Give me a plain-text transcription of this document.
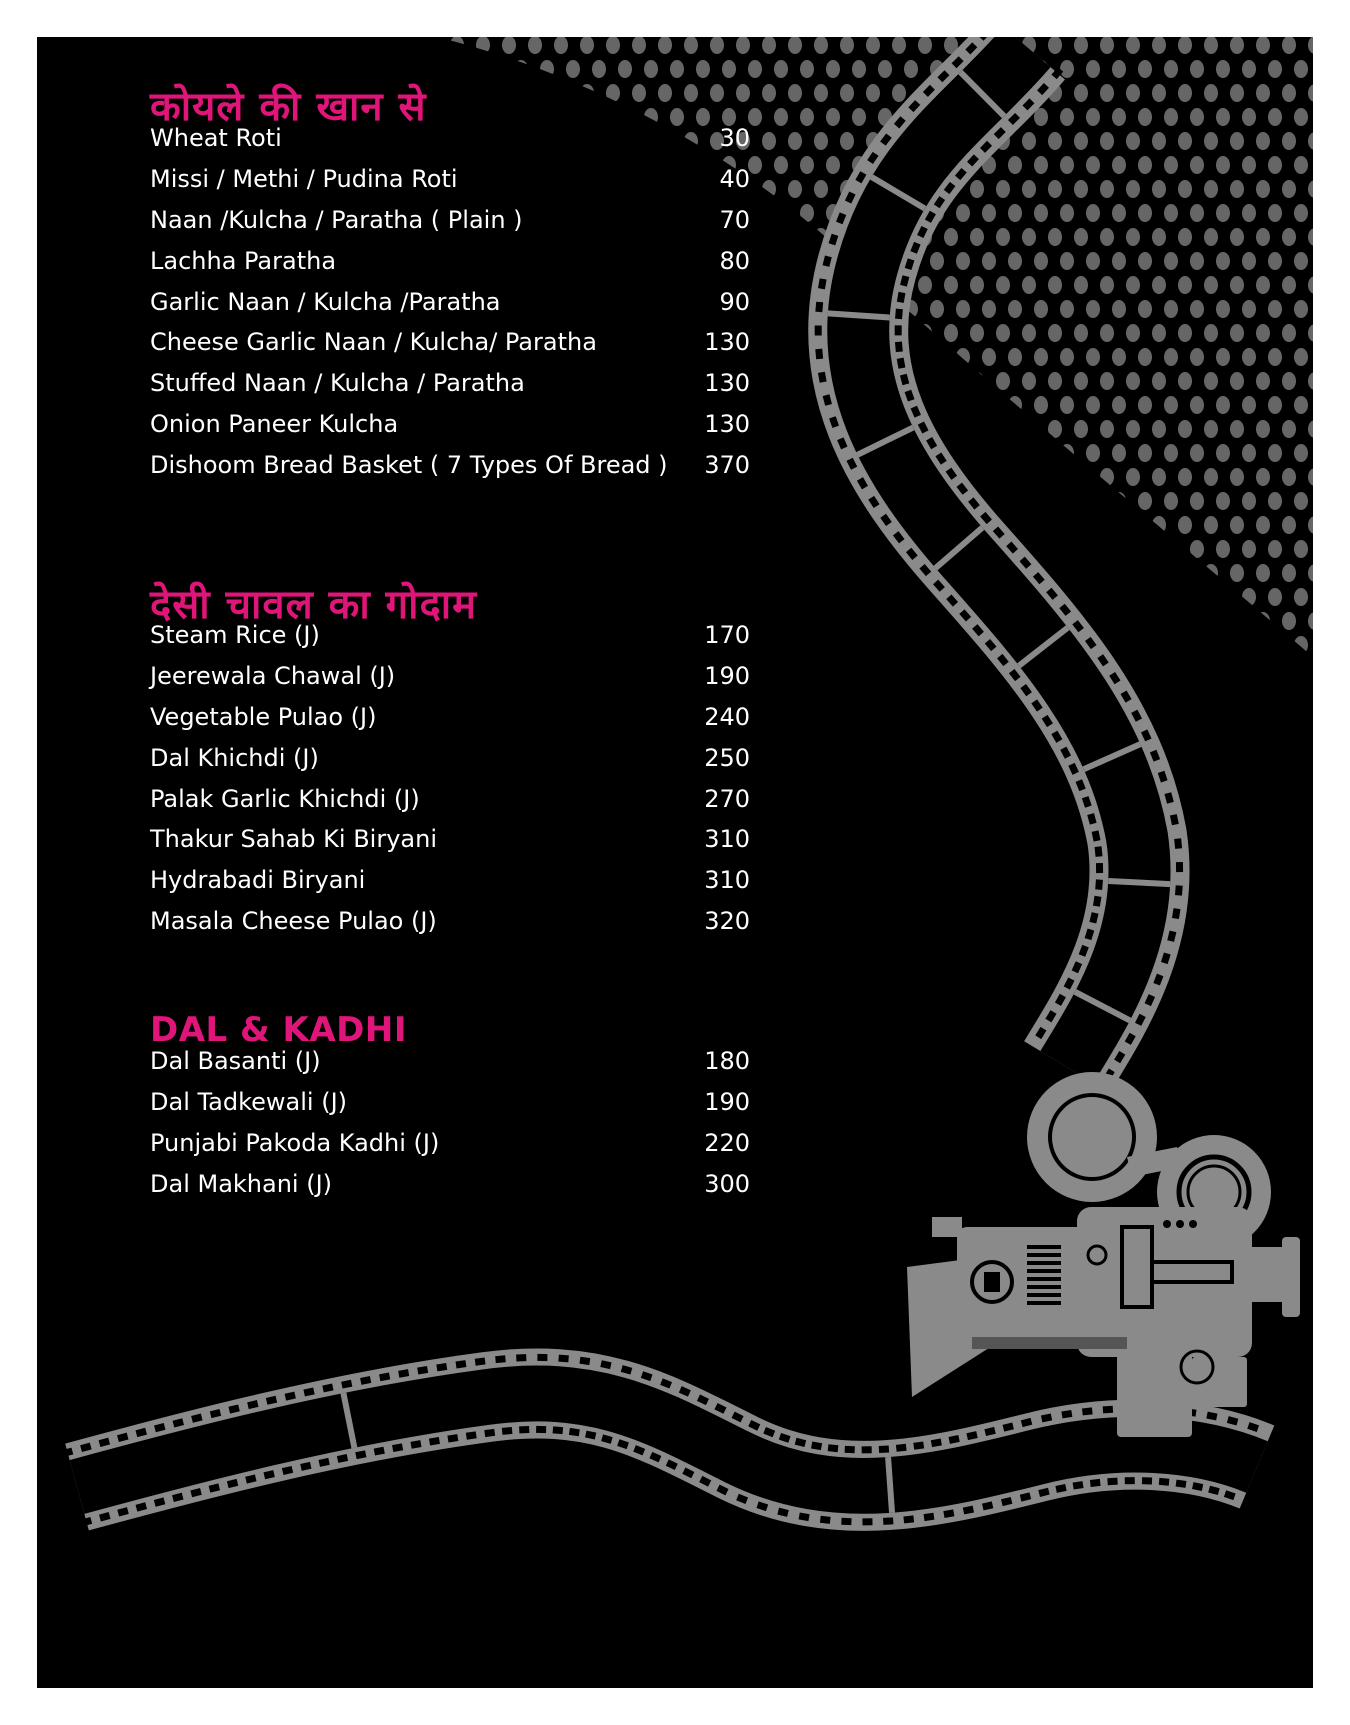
कोयले की खान से
Wheat Roti	30
Missi / Methi / Pudina Roti	40
Naan /Kulcha / Paratha ( Plain )	70
Lachha Paratha	80
Garlic Naan / Kulcha /Paratha	90
Cheese Garlic Naan / Kulcha/ Paratha	130
Stuffed Naan / Kulcha / Paratha	130
Onion Paneer Kulcha	130
Dishoom Bread Basket ( 7 Types Of Bread )	370
देसी चावल का गोदाम
Steam Rice (J)	170
Jeerewala Chawal (J)	190
Vegetable Pulao (J)	240
Dal Khichdi (J)	250
Palak Garlic Khichdi (J)	270
Thakur Sahab Ki Biryani	310
Hydrabadi Biryani	310
Masala Cheese Pulao (J)	320
DAL & KADHI
Dal Basanti (J)	180
Dal Tadkewali (J)	190
Punjabi Pakoda Kadhi (J)	220
Dal Makhani (J)	300
